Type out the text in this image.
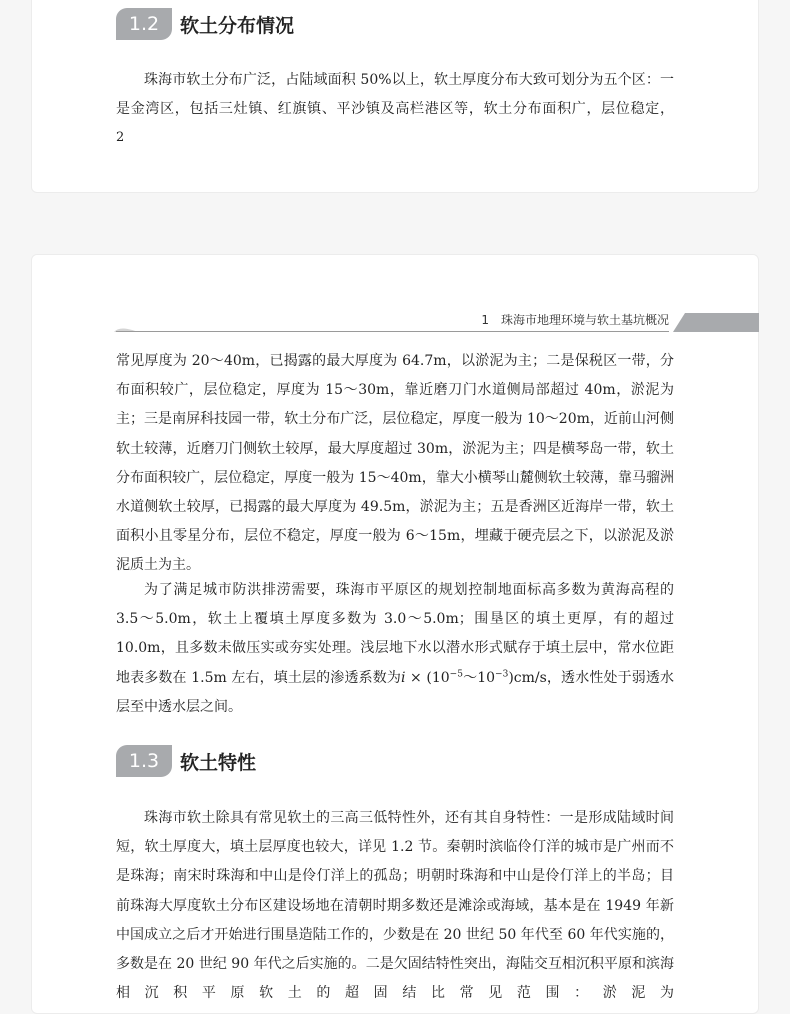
1.2	软土分布情况

珠海市软土分布广泛，占陆域面积 50%以上，软土厚度分布大致可划分为五个区：一是金湾区，包括三灶镇、红旗镇、平沙镇及高栏港区等，软土分布面积广，层位稳定，

2

1　珠海市地理环境与软土基坑概况

常见厚度为 20～40m，已揭露的最大厚度为 64.7m，以淤泥为主；二是保税区一带，分布面积较广，层位稳定，厚度为 15～30m，靠近磨刀门水道侧局部超过 40m，淤泥为主；三是南屏科技园一带，软土分布广泛，层位稳定，厚度一般为 10～20m，近前山河侧软土较薄，近磨刀门侧软土较厚，最大厚度超过 30m，淤泥为主；四是横琴岛一带，软土分布面积较广，层位稳定，厚度一般为 15～40m，靠大小横琴山麓侧软土较薄，靠马骝洲水道侧软土较厚，已揭露的最大厚度为 49.5m，淤泥为主；五是香洲区近海岸一带，软土面积小且零星分布，层位不稳定，厚度一般为 6～15m，埋藏于硬壳层之下，以淤泥及淤泥质土为主。

为了满足城市防洪排涝需要，珠海市平原区的规划控制地面标高多数为黄海高程的 3.5～5.0m，软土上覆填土厚度多数为 3.0～5.0m；围垦区的填土更厚，有的超过 10.0m，且多数未做压实或夯实处理。浅层地下水以潜水形式赋存于填土层中，常水位距地表多数在 1.5m 左右，填土层的渗透系数为$i \times (10^{-5}\sim 10^{-3})cm/s$，透水性处于弱透水层至中透水层之间。

1.3	软土特性

珠海市软土除具有常见软土的三高三低特性外，还有其自身特性：一是形成陆域时间短，软土厚度大，填土层厚度也较大，详见 1.2 节。秦朝时滨临伶仃洋的城市是广州而不是珠海；南宋时珠海和中山是伶仃洋上的孤岛；明朝时珠海和中山是伶仃洋上的半岛；目前珠海大厚度软土分布区建设场地在清朝时期多数还是滩涂或海域，基本是在 1949 年新中国成立之后才开始进行围垦造陆工作的，少数是在 20 世纪 50 年代至 60 年代实施的，多数是在 20 世纪 90 年代之后实施的。二是欠固结特性突出，海陆交互相沉积平原和滨海相沉积平原软土的超固结比常见范围：淤泥为
